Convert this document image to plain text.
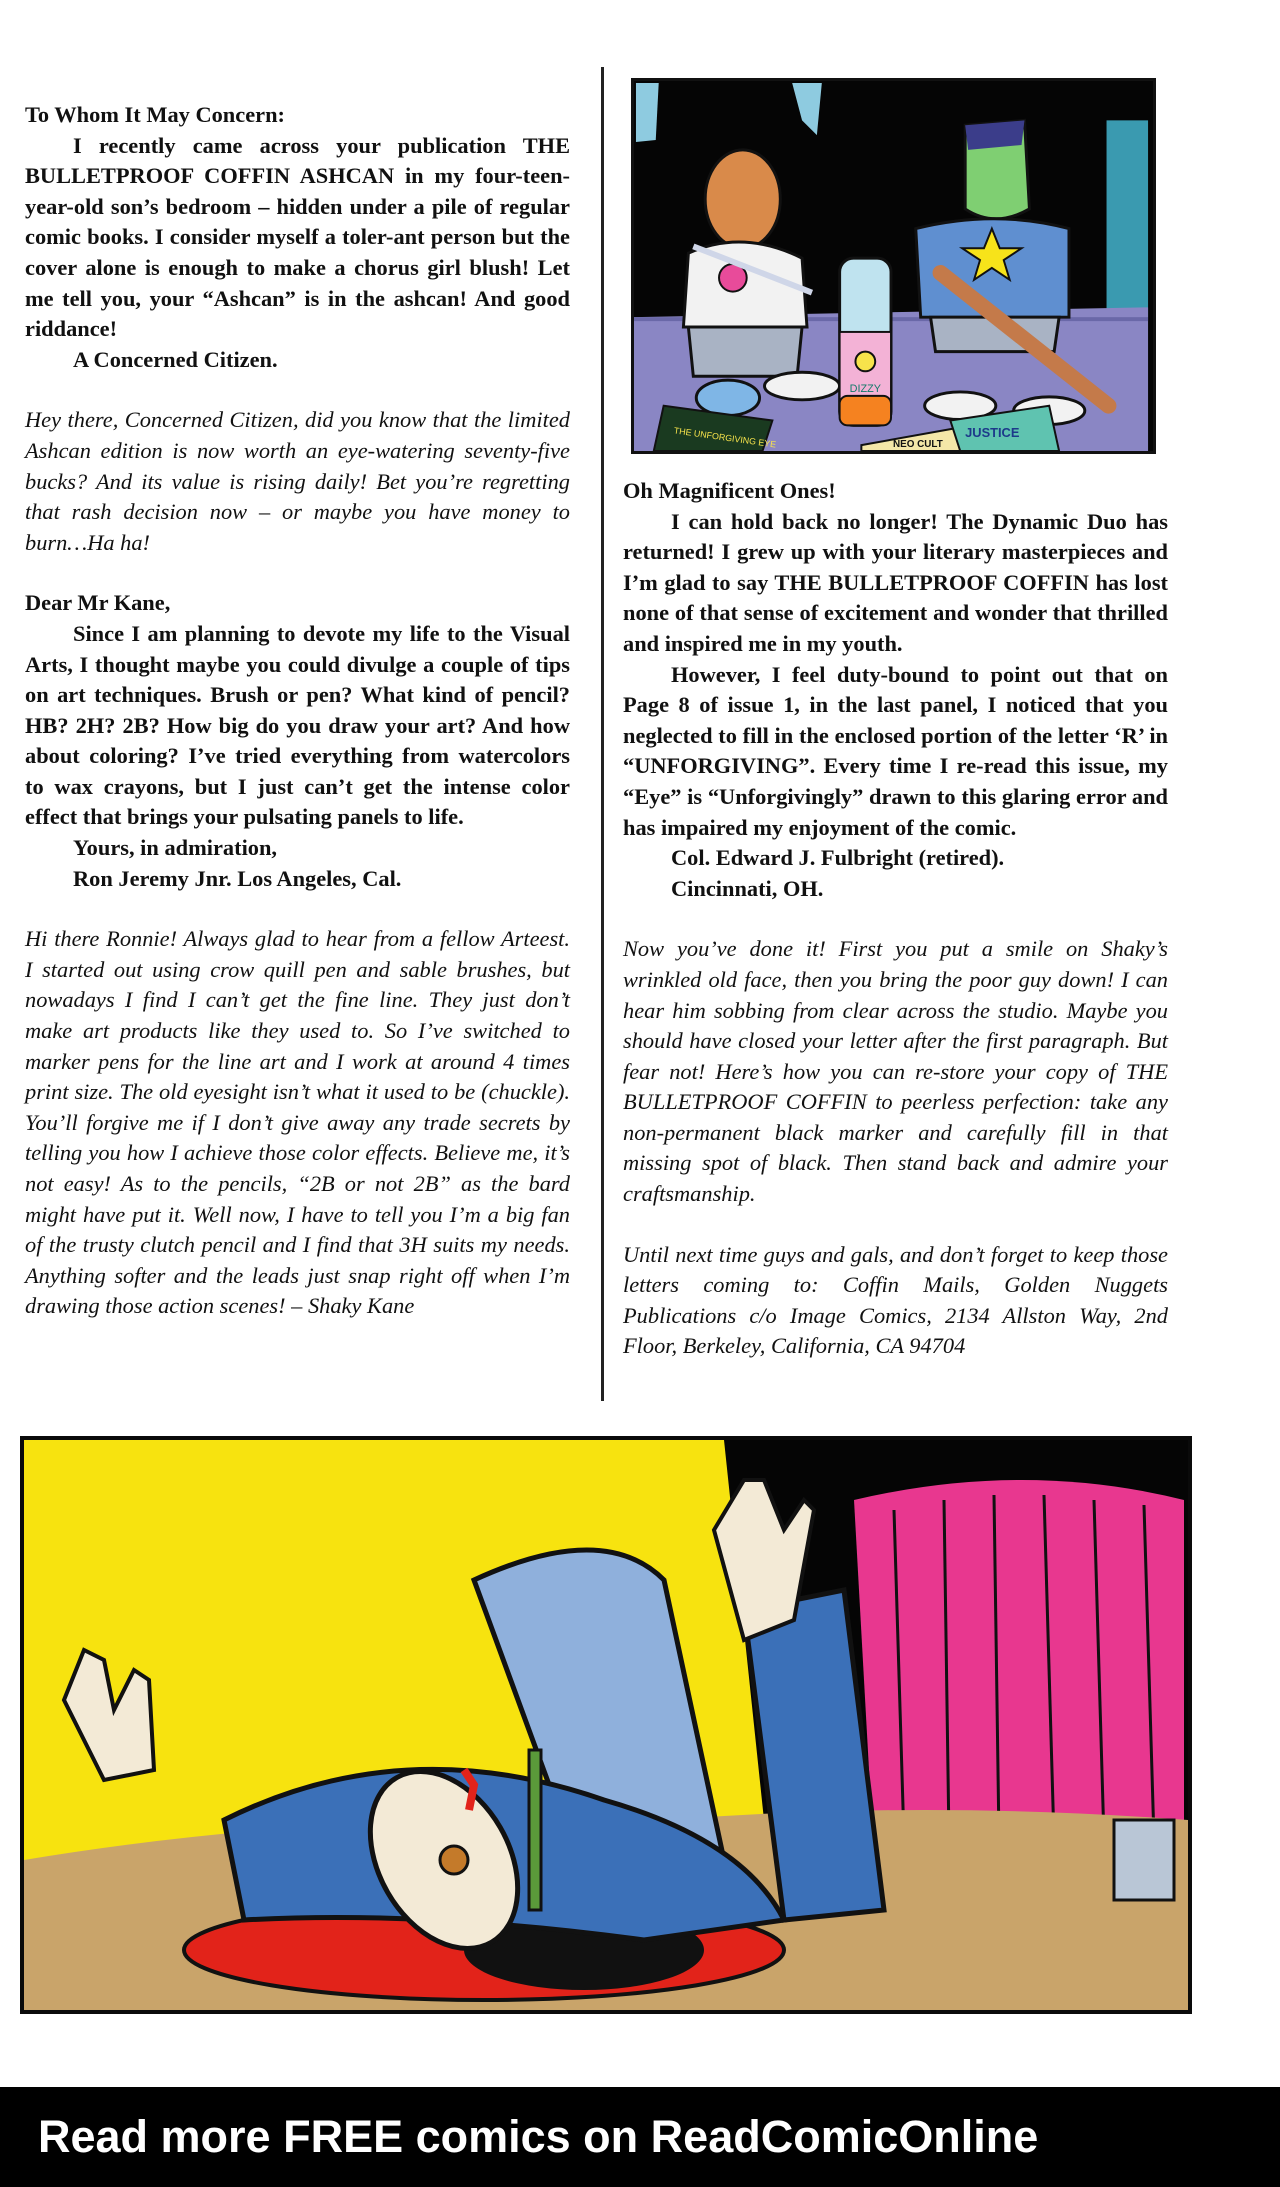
To Whom It May Concern:

I recently came across your publication THE BULLETPROOF COFFIN ASHCAN in my four-teen-year-old son’s bedroom – hidden under a pile of regular comic books. I consider myself a toler-ant person but the cover alone is enough to make a chorus girl blush! Let me tell you, your “Ashcan” is in the ashcan! And good riddance!

A Concerned Citizen.

Hey there, Concerned Citizen, did you know that the limited Ashcan edition is now worth an eye-watering seventy-five bucks? And its value is rising daily! Bet you’re regretting that rash decision now – or maybe you have money to burn…Ha ha!

Dear Mr Kane,

Since I am planning to devote my life to the Visual Arts, I thought maybe you could divulge a couple of tips on art techniques. Brush or pen? What kind of pencil? HB? 2H? 2B? How big do you draw your art? And how about coloring? I’ve tried everything from watercolors to wax crayons, but I just can’t get the intense color effect that brings your pulsating panels to life.

Yours, in admiration,

Ron Jeremy Jnr. Los Angeles, Cal.

Hi there Ronnie! Always glad to hear from a fellow Arteest. I started out using crow quill pen and sable brushes, but nowadays I find I can’t get the fine line. They just don’t make art products like they used to. So I’ve switched to marker pens for the line art and I work at around 4 times print size. The old eyesight isn’t what it used to be (chuckle). You’ll forgive me if I don’t give away any trade secrets by telling you how I achieve those color effects. Believe me, it’s not easy! As to the pencils, “2B or not 2B” as the bard might have put it. Well now, I have to tell you I’m a big fan of the trusty clutch pencil and I find that 3H suits my needs. Anything softer and the leads just snap right off when I’m drawing those action scenes! – Shaky Kane

DIZZY
THE UNFORGIVING EYE	NEO CULT
JUSTICE

Oh Magnificent Ones!

I can hold back no longer! The Dynamic Duo has returned! I grew up with your literary masterpieces and I’m glad to say THE BULLETPROOF COFFIN has lost none of that sense of excitement and wonder that thrilled and inspired me in my youth.

However, I feel duty-bound to point out that on Page 8 of issue 1, in the last panel, I noticed that you neglected to fill in the enclosed portion of the letter ‘R’ in “UNFORGIVING”. Every time I re-read this issue, my “Eye” is “Unforgivingly” drawn to this glaring error and has impaired my enjoyment of the comic.

Col. Edward J. Fulbright (retired).

Cincinnati, OH.

Now you’ve done it! First you put a smile on Shaky’s wrinkled old face, then you bring the poor guy down! I can hear him sobbing from clear across the studio. Maybe you should have closed your letter after the first paragraph. But fear not! Here’s how you can re-store your copy of THE BULLETPROOF COFFIN to peerless perfection: take any non-permanent black marker and carefully fill in that missing spot of black. Then stand back and admire your craftsmanship.

Until next time guys and gals, and don’t forget to keep those letters coming to: Coffin Mails, Golden Nuggets Publications c/o Image Comics, 2134 Allston Way, 2nd Floor, Berkeley, California, CA 94704

Read more FREE comics on ReadComicOnline
